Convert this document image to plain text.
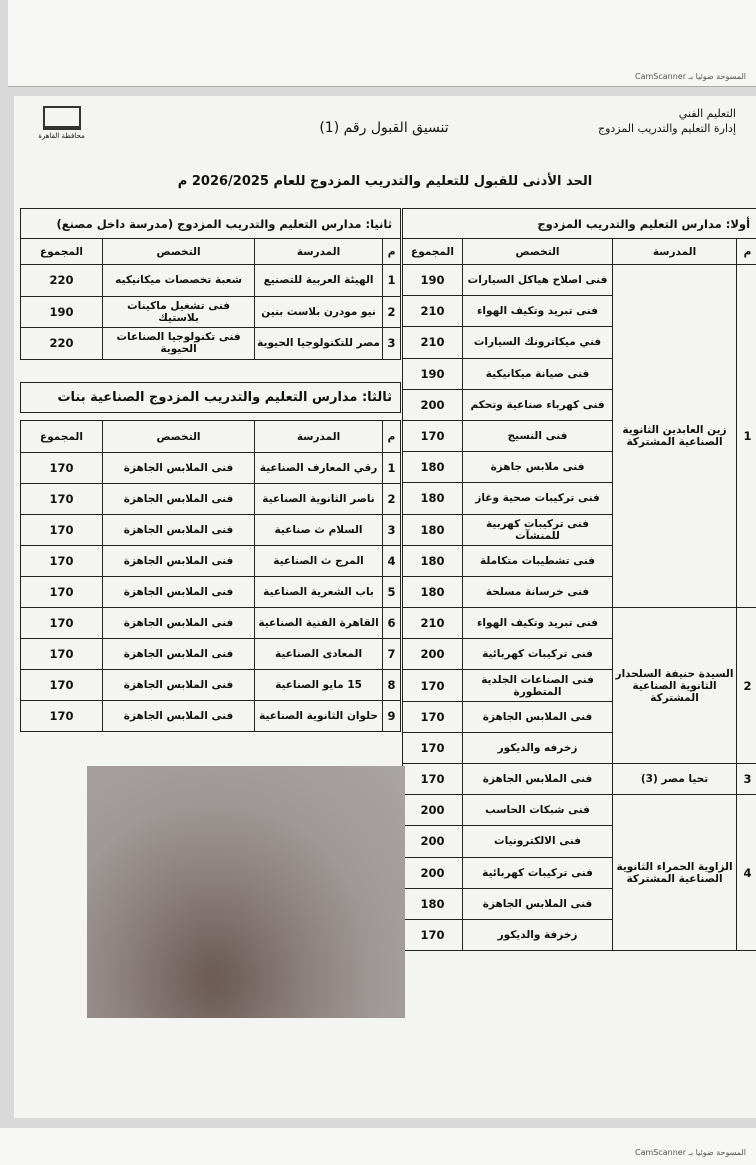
CamScanner المسوحة ضوئيا بـ
محافظة القاهرة	تنسيق القبول رقم (1)
التعليم الفني
إدارة التعليم والتدريب المزدوج
الحد الأدنى للقبول للتعليم والتدريب المزدوج للعام 2026/2025 م
أولا: مدارس التعليم والتدريب المزدوج			
م	المدرسة	التخصص	المجموع
1	زين العابدين الثانوية الصناعية المشتركة	فنى اصلاح هياكل السيارات	190
		فنى تبريد وتكيف الهواء	210
		فني ميكاترونك السيارات	210
		فنى صيانة ميكانيكية	190
		فنى كهرباء صناعية وتحكم	200
		فنى النسيج	170
		فنى ملابس جاهزة	180
		فنى تركيبات صحية وغاز	180
		فنى تركيبات كهربية للمنشآت	180
		فنى تشطيبات متكاملة	180
		فنى خرسانة مسلحة	180
2	السيدة حنيفة السلحدار الثانوية الصناعية المشتركة	فنى تبريد وتكيف الهواء	210
		فنى تركيبات كهربائية	200
		فنى الصناعات الجلدية المتطورة	170
		فنى الملابس الجاهزة	170
		زخرفه والديكور	170
3	تحيا مصر (3)	فنى الملابس الجاهزة	170
4	الزاوية الحمراء الثانوية الصناعية المشتركة	فنى شبكات الحاسب	200
		فنى الالكترونيات	200
		فنى تركيبات كهربائية	200
		فنى الملابس الجاهزة	180
		زخرفة والديكور	170
ثانيا: مدارس التعليم والتدريب المزدوج (مدرسة داخل مصنع)			
م	المدرسة	التخصص	المجموع
1	الهيئة العربية للتصنيع	شعبة تخصصات ميكانيكيه	220
2	نيو مودرن بلاست بنين	فنى تشغيل ماكينات بلاستيك	190
3	مصر للتكنولوجيا الحيوية	فنى تكنولوجيا الصناعات الحيوية	220
ثالثا: مدارس التعليم والتدريب المزدوج الصناعية بنات			

م	المدرسة	التخصص	المجموع
1	رقي المعارف الصناعية	فنى الملابس الجاهزة	170
2	ناصر الثانوية الصناعية	فنى الملابس الجاهزة	170
3	السلام ث صناعية	فنى الملابس الجاهزة	170
4	المرج ث الصناعية	فنى الملابس الجاهزة	170
5	باب الشعرية الصناعية	فنى الملابس الجاهزة	170
6	القاهرة الفنية الصناعية	فنى الملابس الجاهزة	170
7	المعادى الصناعية	فنى الملابس الجاهزة	170
8	15 مايو الصناعية	فنى الملابس الجاهزة	170
9	حلوان الثانوية الصناعية	فنى الملابس الجاهزة	170
CamScanner المسوحة ضوئيا بـ
